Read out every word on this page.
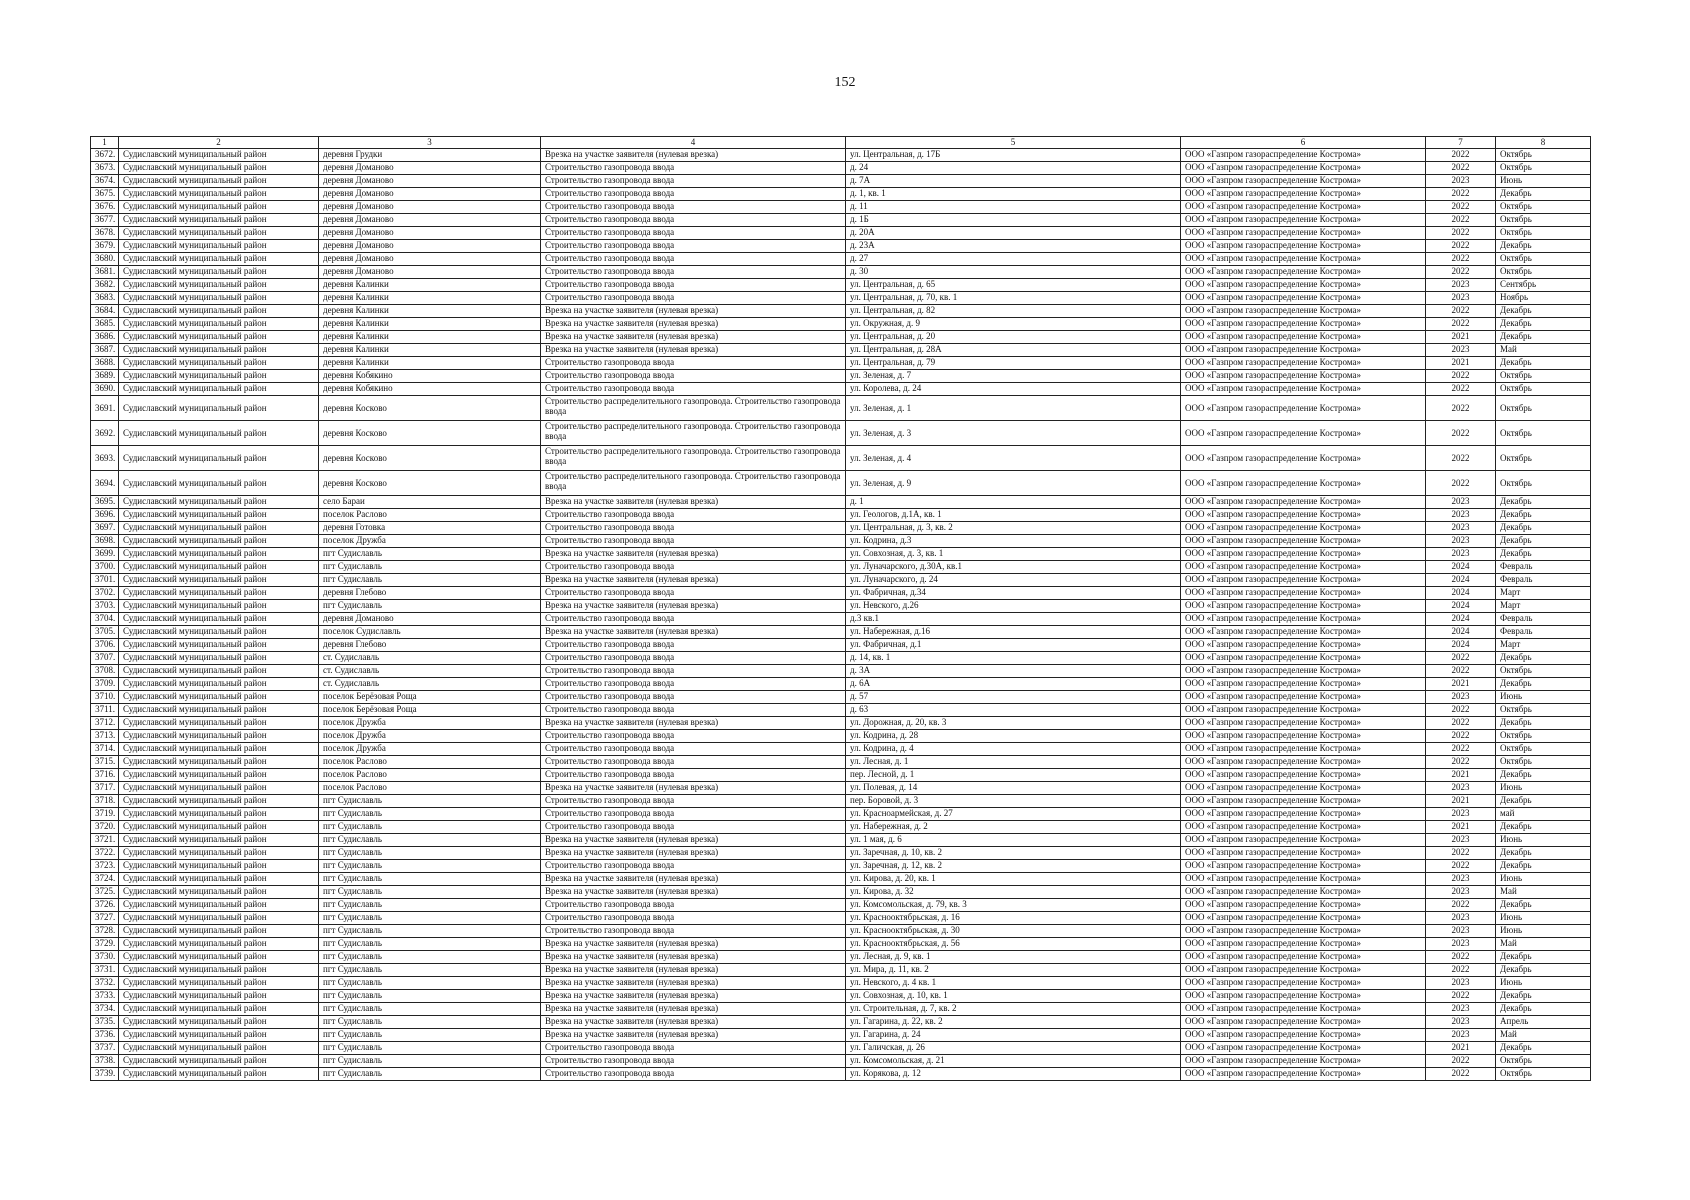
152
1	2	3	4	5	6	7	8
3672.	Судиславский муниципальный район	деревня Грудки	Врезка на участке заявителя (нулевая врезка)	ул. Центральная, д. 17Б	ООО «Газпром газораспределение Кострома»	2022	Октябрь
3673.	Судиславский муниципальный район	деревня Доманово	Строительство газопровода ввода	д. 24	ООО «Газпром газораспределение Кострома»	2022	Октябрь
3674.	Судиславский муниципальный район	деревня Доманово	Строительство газопровода ввода	д. 7А	ООО «Газпром газораспределение Кострома»	2023	Июнь
3675.	Судиславский муниципальный район	деревня Доманово	Строительство газопровода ввода	д. 1, кв. 1	ООО «Газпром газораспределение Кострома»	2022	Декабрь
3676.	Судиславский муниципальный район	деревня Доманово	Строительство газопровода ввода	д. 11	ООО «Газпром газораспределение Кострома»	2022	Октябрь
3677.	Судиславский муниципальный район	деревня Доманово	Строительство газопровода ввода	д. 1Б	ООО «Газпром газораспределение Кострома»	2022	Октябрь
3678.	Судиславский муниципальный район	деревня Доманово	Строительство газопровода ввода	д. 20А	ООО «Газпром газораспределение Кострома»	2022	Октябрь
3679.	Судиславский муниципальный район	деревня Доманово	Строительство газопровода ввода	д. 23А	ООО «Газпром газораспределение Кострома»	2022	Декабрь
3680.	Судиславский муниципальный район	деревня Доманово	Строительство газопровода ввода	д. 27	ООО «Газпром газораспределение Кострома»	2022	Октябрь
3681.	Судиславский муниципальный район	деревня Доманово	Строительство газопровода ввода	д. 30	ООО «Газпром газораспределение Кострома»	2022	Октябрь
3682.	Судиславский муниципальный район	деревня Калинки	Строительство газопровода ввода	ул. Центральная, д. 65	ООО «Газпром газораспределение Кострома»	2023	Сентябрь
3683.	Судиславский муниципальный район	деревня Калинки	Строительство газопровода ввода	ул. Центральная, д. 70, кв. 1	ООО «Газпром газораспределение Кострома»	2023	Ноябрь
3684.	Судиславский муниципальный район	деревня Калинки	Врезка на участке заявителя (нулевая врезка)	ул. Центральная, д. 82	ООО «Газпром газораспределение Кострома»	2022	Декабрь
3685.	Судиславский муниципальный район	деревня Калинки	Врезка на участке заявителя (нулевая врезка)	ул. Окружная, д. 9	ООО «Газпром газораспределение Кострома»	2022	Декабрь
3686.	Судиславский муниципальный район	деревня Калинки	Врезка на участке заявителя (нулевая врезка)	ул. Центральная, д. 20	ООО «Газпром газораспределение Кострома»	2021	Декабрь
3687.	Судиславский муниципальный район	деревня Калинки	Врезка на участке заявителя (нулевая врезка)	ул. Центральная, д. 28А	ООО «Газпром газораспределение Кострома»	2023	Май
3688.	Судиславский муниципальный район	деревня Калинки	Строительство газопровода ввода	ул. Центральная, д. 79	ООО «Газпром газораспределение Кострома»	2021	Декабрь
3689.	Судиславский муниципальный район	деревня Кобякино	Строительство газопровода ввода	ул. Зеленая, д. 7	ООО «Газпром газораспределение Кострома»	2022	Октябрь
3690.	Судиславский муниципальный район	деревня Кобякино	Строительство газопровода ввода	ул. Королева, д. 24	ООО «Газпром газораспределение Кострома»	2022	Октябрь
3691.	Судиславский муниципальный район	деревня Косково	Строительство распределительного газопровода. Строительство газопровода ввода	ул. Зеленая, д. 1	ООО «Газпром газораспределение Кострома»	2022	Октябрь
3692.	Судиславский муниципальный район	деревня Косково	Строительство распределительного газопровода. Строительство газопровода ввода	ул. Зеленая, д. 3	ООО «Газпром газораспределение Кострома»	2022	Октябрь
3693.	Судиславский муниципальный район	деревня Косково	Строительство распределительного газопровода. Строительство газопровода ввода	ул. Зеленая, д. 4	ООО «Газпром газораспределение Кострома»	2022	Октябрь
3694.	Судиславский муниципальный район	деревня Косково	Строительство распределительного газопровода. Строительство газопровода ввода	ул. Зеленая, д. 9	ООО «Газпром газораспределение Кострома»	2022	Октябрь
3695.	Судиславский муниципальный район	село Бараи	Врезка на участке заявителя (нулевая врезка)	д. 1	ООО «Газпром газораспределение Кострома»	2023	Декабрь
3696.	Судиславский муниципальный район	поселок Раслово	Строительство газопровода ввода	ул. Геологов, д.1А, кв. 1	ООО «Газпром газораспределение Кострома»	2023	Декабрь
3697.	Судиславский муниципальный район	деревня Готовка	Строительство газопровода ввода	ул. Центральная, д. 3, кв. 2	ООО «Газпром газораспределение Кострома»	2023	Декабрь
3698.	Судиславский муниципальный район	поселок Дружба	Строительство газопровода ввода	ул. Кодрина, д.3	ООО «Газпром газораспределение Кострома»	2023	Декабрь
3699.	Судиславский муниципальный район	пгт Судиславль	Врезка на участке заявителя (нулевая врезка)	ул. Совхозная, д. 3, кв. 1	ООО «Газпром газораспределение Кострома»	2023	Декабрь
3700.	Судиславский муниципальный район	пгт Судиславль	Строительство газопровода ввода	ул. Луначарского, д.30А, кв.1	ООО «Газпром газораспределение Кострома»	2024	Февраль
3701.	Судиславский муниципальный район	пгт Судиславль	Врезка на участке заявителя (нулевая врезка)	ул. Луначарского, д. 24	ООО «Газпром газораспределение Кострома»	2024	Февраль
3702.	Судиславский муниципальный район	деревня Глебово	Строительство газопровода ввода	ул. Фабричная, д.34	ООО «Газпром газораспределение Кострома»	2024	Март
3703.	Судиславский муниципальный район	пгт Судиславль	Врезка на участке заявителя (нулевая врезка)	ул. Невского, д.26	ООО «Газпром газораспределение Кострома»	2024	Март
3704.	Судиславский муниципальный район	деревня Доманово	Строительство газопровода ввода	д.3 кв.1	ООО «Газпром газораспределение Кострома»	2024	Февраль
3705.	Судиславский муниципальный район	поселок Судиславль	Врезка на участке заявителя (нулевая врезка)	ул. Набережная, д.16	ООО «Газпром газораспределение Кострома»	2024	Февраль
3706.	Судиславский муниципальный район	деревня Глебово	Строительство газопровода ввода	ул. Фабричная, д.1	ООО «Газпром газораспределение Кострома»	2024	Март
3707.	Судиславский муниципальный район	ст. Судиславль	Строительство газопровода ввода	д. 14, кв. 1	ООО «Газпром газораспределение Кострома»	2022	Декабрь
3708.	Судиславский муниципальный район	ст. Судиславль	Строительство газопровода ввода	д. 3А	ООО «Газпром газораспределение Кострома»	2022	Октябрь
3709.	Судиславский муниципальный район	ст. Судиславль	Строительство газопровода ввода	д. 6А	ООО «Газпром газораспределение Кострома»	2021	Декабрь
3710.	Судиславский муниципальный район	поселок Берёзовая Роща	Строительство газопровода ввода	д. 57	ООО «Газпром газораспределение Кострома»	2023	Июнь
3711.	Судиславский муниципальный район	поселок Берёзовая Роща	Строительство газопровода ввода	д. 63	ООО «Газпром газораспределение Кострома»	2022	Октябрь
3712.	Судиславский муниципальный район	поселок Дружба	Врезка на участке заявителя (нулевая врезка)	ул. Дорожная, д. 20, кв. 3	ООО «Газпром газораспределение Кострома»	2022	Декабрь
3713.	Судиславский муниципальный район	поселок Дружба	Строительство газопровода ввода	ул. Кодрина, д. 28	ООО «Газпром газораспределение Кострома»	2022	Октябрь
3714.	Судиславский муниципальный район	поселок Дружба	Строительство газопровода ввода	ул. Кодрина, д. 4	ООО «Газпром газораспределение Кострома»	2022	Октябрь
3715.	Судиславский муниципальный район	поселок Раслово	Строительство газопровода ввода	ул. Лесная, д. 1	ООО «Газпром газораспределение Кострома»	2022	Октябрь
3716.	Судиславский муниципальный район	поселок Раслово	Строительство газопровода ввода	пер. Лесной, д. 1	ООО «Газпром газораспределение Кострома»	2021	Декабрь
3717.	Судиславский муниципальный район	поселок Раслово	Врезка на участке заявителя (нулевая врезка)	ул. Полевая, д. 14	ООО «Газпром газораспределение Кострома»	2023	Июнь
3718.	Судиславский муниципальный район	пгт Судиславль	Строительство газопровода ввода	пер. Боровой, д. 3	ООО «Газпром газораспределение Кострома»	2021	Декабрь
3719.	Судиславский муниципальный район	пгт Судиславль	Строительство газопровода ввода	ул. Красноармейская, д. 27	ООО «Газпром газораспределение Кострома»	2023	май
3720.	Судиславский муниципальный район	пгт Судиславль	Строительство газопровода ввода	ул. Набережная, д. 2	ООО «Газпром газораспределение Кострома»	2021	Декабрь
3721.	Судиславский муниципальный район	пгт Судиславль	Врезка на участке заявителя (нулевая врезка)	ул. 1 мая, д. 6	ООО «Газпром газораспределение Кострома»	2023	Июнь
3722.	Судиславский муниципальный район	пгт Судиславль	Врезка на участке заявителя (нулевая врезка)	ул. Заречная, д. 10, кв. 2	ООО «Газпром газораспределение Кострома»	2022	Декабрь
3723.	Судиславский муниципальный район	пгт Судиславль	Строительство газопровода ввода	ул. Заречная, д. 12, кв. 2	ООО «Газпром газораспределение Кострома»	2022	Декабрь
3724.	Судиславский муниципальный район	пгт Судиславль	Врезка на участке заявителя (нулевая врезка)	ул. Кирова, д. 20, кв. 1	ООО «Газпром газораспределение Кострома»	2023	Июнь
3725.	Судиславский муниципальный район	пгт Судиславль	Врезка на участке заявителя (нулевая врезка)	ул. Кирова, д. 32	ООО «Газпром газораспределение Кострома»	2023	Май
3726.	Судиславский муниципальный район	пгт Судиславль	Строительство газопровода ввода	ул. Комсомольская, д. 79, кв. 3	ООО «Газпром газораспределение Кострома»	2022	Декабрь
3727.	Судиславский муниципальный район	пгт Судиславль	Строительство газопровода ввода	ул. Краснооктябрьская, д. 16	ООО «Газпром газораспределение Кострома»	2023	Июнь
3728.	Судиславский муниципальный район	пгт Судиславль	Строительство газопровода ввода	ул. Краснооктябрьская, д. 30	ООО «Газпром газораспределение Кострома»	2023	Июнь
3729.	Судиславский муниципальный район	пгт Судиславль	Врезка на участке заявителя (нулевая врезка)	ул. Краснооктябрьская, д. 56	ООО «Газпром газораспределение Кострома»	2023	Май
3730.	Судиславский муниципальный район	пгт Судиславль	Врезка на участке заявителя (нулевая врезка)	ул. Лесная, д. 9, кв. 1	ООО «Газпром газораспределение Кострома»	2022	Декабрь
3731.	Судиславский муниципальный район	пгт Судиславль	Врезка на участке заявителя (нулевая врезка)	ул. Мира, д. 11, кв. 2	ООО «Газпром газораспределение Кострома»	2022	Декабрь
3732.	Судиславский муниципальный район	пгт Судиславль	Врезка на участке заявителя (нулевая врезка)	ул. Невского, д. 4 кв. 1	ООО «Газпром газораспределение Кострома»	2023	Июнь
3733.	Судиславский муниципальный район	пгт Судиславль	Врезка на участке заявителя (нулевая врезка)	ул. Совхозная, д. 10, кв. 1	ООО «Газпром газораспределение Кострома»	2022	Декабрь
3734.	Судиславский муниципальный район	пгт Судиславль	Врезка на участке заявителя (нулевая врезка)	ул. Строительная, д. 7, кв. 2	ООО «Газпром газораспределение Кострома»	2023	Декабрь
3735.	Судиславский муниципальный район	пгт Судиславль	Врезка на участке заявителя (нулевая врезка)	ул. Гагарина, д. 22, кв. 2	ООО «Газпром газораспределение Кострома»	2023	Апрель
3736.	Судиславский муниципальный район	пгт Судиславль	Врезка на участке заявителя (нулевая врезка)	ул. Гагарина, д. 24	ООО «Газпром газораспределение Кострома»	2023	Май
3737.	Судиславский муниципальный район	пгт Судиславль	Строительство газопровода ввода	ул. Галичская, д. 26	ООО «Газпром газораспределение Кострома»	2021	Декабрь
3738.	Судиславский муниципальный район	пгт Судиславль	Строительство газопровода ввода	ул. Комсомольская, д. 21	ООО «Газпром газораспределение Кострома»	2022	Октябрь
3739.	Судиславский муниципальный район	пгт Судиславль	Строительство газопровода ввода	ул. Корякова, д. 12	ООО «Газпром газораспределение Кострома»	2022	Октябрь
